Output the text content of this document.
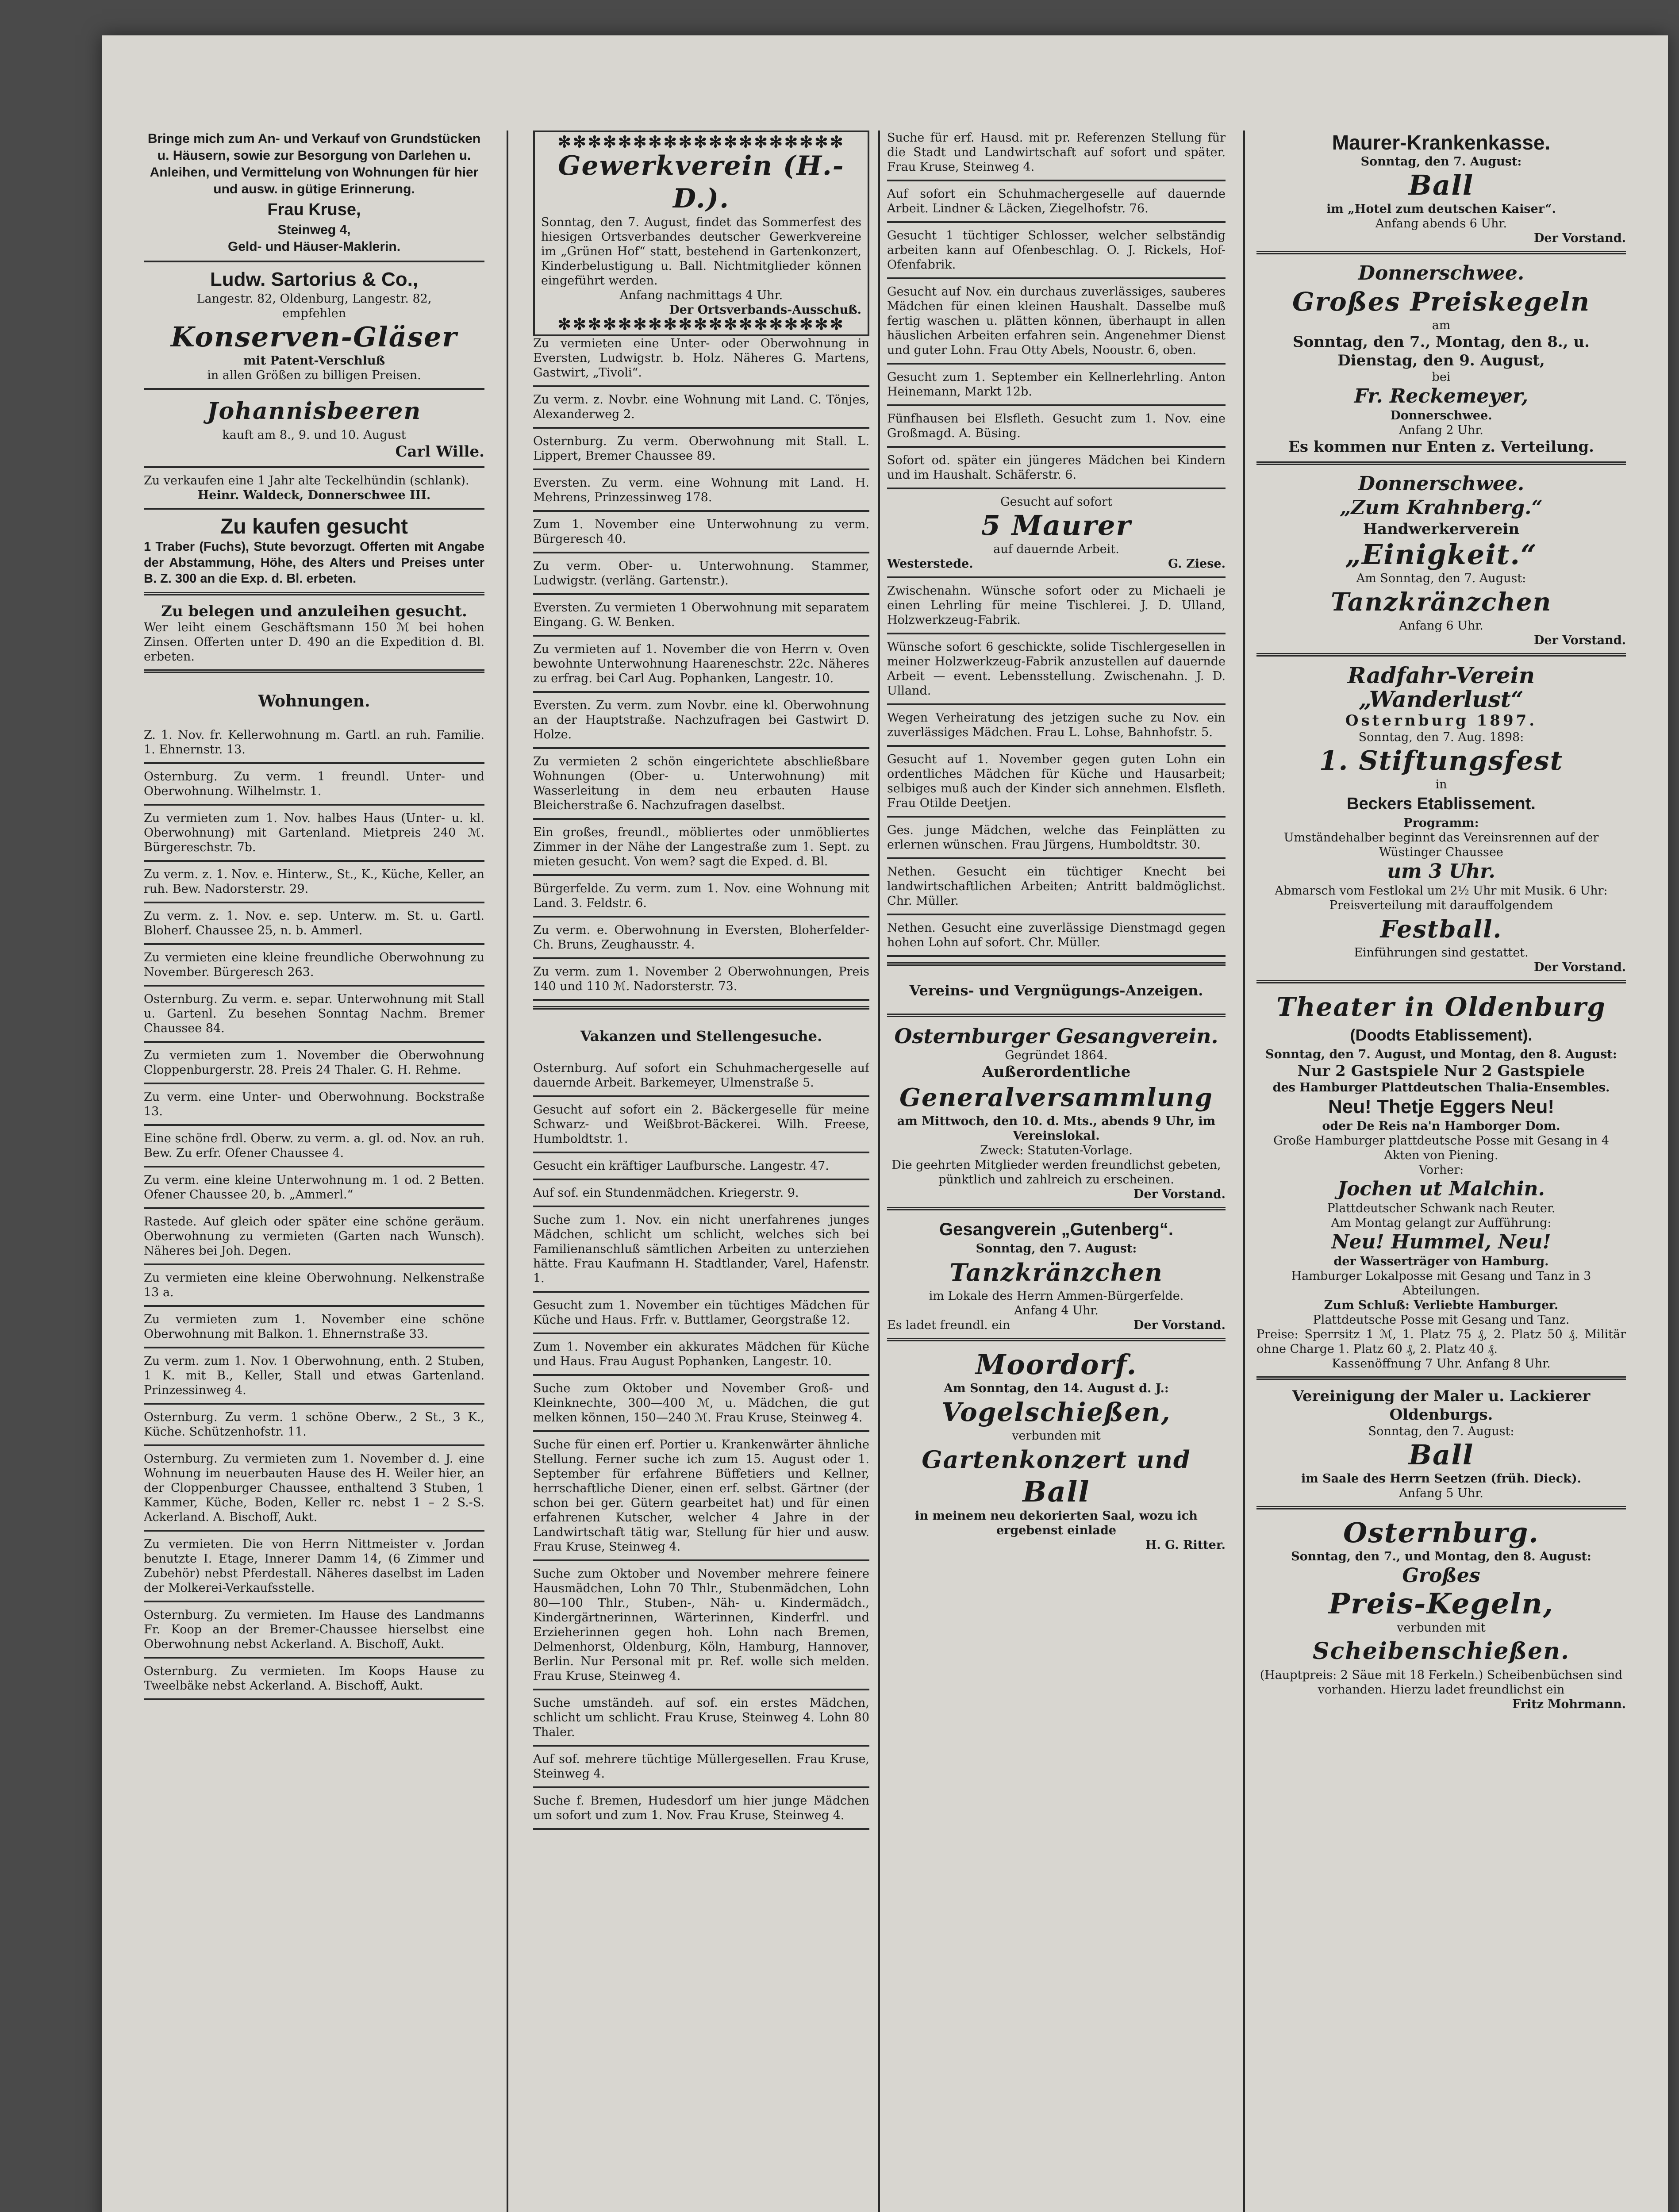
Bringe mich zum An- und Verkauf von Grundstücken u. Häusern, sowie zur Besorgung von Darlehen u. Anleihen, und Vermittelung von Wohnungen für hier und ausw. in gütige Erinnerung.

Frau Kruse,

Steinweg 4,

Geld- und Häuser-Maklerin.

Ludw. Sartorius & Co.,

Langestr. 82, Oldenburg, Langestr. 82,

empfehlen

Konserven-Gläser

mit Patent-Verschluß

in allen Größen zu billigen Preisen.

Johannisbeeren

kauft am 8., 9. und 10. August

Carl Wille.

Zu verkaufen eine 1 Jahr alte Teckelhündin (schlank).

Heinr. Waldeck, Donnerschwee III.

Zu kaufen gesucht

1 Traber (Fuchs), Stute bevorzugt. Offerten mit Angabe der Abstammung, Höhe, des Alters und Preises unter B. Z. 300 an die Exp. d. Bl. erbeten.

Zu belegen und anzuleihen gesucht.

Wer leiht einem Geschäftsmann 150 ℳ bei hohen Zinsen. Offerten unter D. 490 an die Expedition d. Bl. erbeten.

Wohnungen.

Z. 1. Nov. fr. Kellerwohnung m. Gartl. an ruh. Familie. 1. Ehnernstr. 13.

Osternburg. Zu verm. 1 freundl. Unter- und Oberwohnung. Wilhelmstr. 1.

Zu vermieten zum 1. Nov. halbes Haus (Unter- u. kl. Oberwohnung) mit Gartenland. Mietpreis 240 ℳ. Bürgereschstr. 7b.

Zu verm. z. 1. Nov. e. Hinterw., St., K., Küche, Keller, an ruh. Bew. Nadorsterstr. 29.

Zu verm. z. 1. Nov. e. sep. Unterw. m. St. u. Gartl. Bloherf. Chaussee 25, n. b. Ammerl.

Zu vermieten eine kleine freundliche Oberwohnung zu November. Bürgeresch 263.

Osternburg. Zu verm. e. separ. Unterwohnung mit Stall u. Gartenl. Zu besehen Sonntag Nachm. Bremer Chaussee 84.

Zu vermieten zum 1. November die Oberwohnung Cloppenburgerstr. 28. Preis 24 Thaler. G. H. Rehme.

Zu verm. eine Unter- und Oberwohnung. Bockstraße 13.

Eine schöne frdl. Oberw. zu verm. a. gl. od. Nov. an ruh. Bew. Zu erfr. Ofener Chaussee 4.

Zu verm. eine kleine Unterwohnung m. 1 od. 2 Betten. Ofener Chaussee 20, b. „Ammerl.“

Rastede. Auf gleich oder später eine schöne geräum. Oberwohnung zu vermieten (Garten nach Wunsch). Näheres bei Joh. Degen.

Zu vermieten eine kleine Oberwohnung. Nelkenstraße 13 a.

Zu vermieten zum 1. November eine schöne Oberwohnung mit Balkon. 1. Ehnernstraße 33.

Zu verm. zum 1. Nov. 1 Oberwohnung, enth. 2 Stuben, 1 K. mit B., Keller, Stall und etwas Gartenland. Prinzessinweg 4.

Osternburg. Zu verm. 1 schöne Oberw., 2 St., 3 K., Küche. Schützenhofstr. 11.

Osternburg. Zu vermieten zum 1. November d. J. eine Wohnung im neuerbauten Hause des H. Weiler hier, an der Cloppenburger Chaussee, enthaltend 3 Stuben, 1 Kammer, Küche, Boden, Keller rc. nebst 1 – 2 S.-S. Ackerland. A. Bischoff, Aukt.

Zu vermieten. Die von Herrn Nittmeister v. Jordan benutzte I. Etage, Innerer Damm 14, (6 Zimmer und Zubehör) nebst Pferdestall. Näheres daselbst im Laden der Molkerei-Verkaufsstelle.

Osternburg. Zu vermieten. Im Hause des Landmanns Fr. Koop an der Bremer-Chaussee hierselbst eine Oberwohnung nebst Ackerland. A. Bischoff, Aukt.

Osternburg. Zu vermieten. Im Koops Hause zu Tweelbäke nebst Ackerland. A. Bischoff, Aukt.

✻✻✻✻✻✻✻✻✻✻✻✻✻✻✻✻✻✻✻

Gewerkverein (H.-D.).

Sonntag, den 7. August, findet das Sommerfest des hiesigen Ortsverbandes deutscher Gewerkvereine im „Grünen Hof“ statt, bestehend in Gartenkonzert, Kinderbelustigung u. Ball. Nichtmitglieder können eingeführt werden.

Anfang nachmittags 4 Uhr.

Der Ortsverbands-Ausschuß.

✻✻✻✻✻✻✻✻✻✻✻✻✻✻✻✻✻✻✻

Zu vermieten eine Unter- oder Oberwohnung in Eversten, Ludwigstr. b. Holz. Näheres G. Martens, Gastwirt, „Tivoli“.

Zu verm. z. Novbr. eine Wohnung mit Land. C. Tönjes, Alexanderweg 2.

Osternburg. Zu verm. Oberwohnung mit Stall. L. Lippert, Bremer Chaussee 89.

Eversten. Zu verm. eine Wohnung mit Land. H. Mehrens, Prinzessinweg 178.

Zum 1. November eine Unterwohnung zu verm. Bürgeresch 40.

Zu verm. Ober- u. Unterwohnung. Stammer, Ludwigstr. (verläng. Gartenstr.).

Eversten. Zu vermieten 1 Oberwohnung mit separatem Eingang. G. W. Benken.

Zu vermieten auf 1. November die von Herrn v. Oven bewohnte Unterwohnung Haareneschstr. 22c. Näheres zu erfrag. bei Carl Aug. Pophanken, Langestr. 10.

Eversten. Zu verm. zum Novbr. eine kl. Oberwohnung an der Hauptstraße. Nachzufragen bei Gastwirt D. Holze.

Zu vermieten 2 schön eingerichtete abschließbare Wohnungen (Ober- u. Unterwohnung) mit Wasserleitung in dem neu erbauten Hause Bleicherstraße 6. Nachzufragen daselbst.

Ein großes, freundl., möbliertes oder unmöbliertes Zimmer in der Nähe der Langestraße zum 1. Sept. zu mieten gesucht. Von wem? sagt die Exped. d. Bl.

Bürgerfelde. Zu verm. zum 1. Nov. eine Wohnung mit Land. 3. Feldstr. 6.

Zu verm. e. Oberwohnung in Eversten, Bloherfelder-Ch. Bruns, Zeughausstr. 4.

Zu verm. zum 1. November 2 Oberwohnungen, Preis 140 und 110 ℳ. Nadorsterstr. 73.

Vakanzen und Stellengesuche.

Osternburg. Auf sofort ein Schuhmachergeselle auf dauernde Arbeit. Barkemeyer, Ulmenstraße 5.

Gesucht auf sofort ein 2. Bäckergeselle für meine Schwarz- und Weißbrot-Bäckerei. Wilh. Freese, Humboldtstr. 1.

Gesucht ein kräftiger Laufbursche. Langestr. 47.

Auf sof. ein Stundenmädchen. Kriegerstr. 9.

Suche zum 1. Nov. ein nicht unerfahrenes junges Mädchen, schlicht um schlicht, welches sich bei Familienanschluß sämtlichen Arbeiten zu unterziehen hätte. Frau Kaufmann H. Stadtlander, Varel, Hafenstr. 1.

Gesucht zum 1. November ein tüchtiges Mädchen für Küche und Haus. Frfr. v. Buttlamer, Georgstraße 12.

Zum 1. November ein akkurates Mädchen für Küche und Haus. Frau August Pophanken, Langestr. 10.

Suche zum Oktober und November Groß- und Kleinknechte, 300—400 ℳ, u. Mädchen, die gut melken können, 150—240 ℳ. Frau Kruse, Steinweg 4.

Suche für einen erf. Portier u. Krankenwärter ähnliche Stellung. Ferner suche ich zum 15. August oder 1. September für erfahrene Büffetiers und Kellner, herrschaftliche Diener, einen erf. selbst. Gärtner (der schon bei ger. Gütern gearbeitet hat) und für einen erfahrenen Kutscher, welcher 4 Jahre in der Landwirtschaft tätig war, Stellung für hier und ausw. Frau Kruse, Steinweg 4.

Suche zum Oktober und November mehrere feinere Hausmädchen, Lohn 70 Thlr., Stubenmädchen, Lohn 80—100 Thlr., Stuben-, Näh- u. Kindermädch., Kindergärtnerinnen, Wärterinnen, Kinderfrl. und Erzieherinnen gegen hoh. Lohn nach Bremen, Delmenhorst, Oldenburg, Köln, Hamburg, Hannover, Berlin. Nur Personal mit pr. Ref. wolle sich melden. Frau Kruse, Steinweg 4.

Suche umständeh. auf sof. ein erstes Mädchen, schlicht um schlicht. Frau Kruse, Steinweg 4. Lohn 80 Thaler.

Auf sof. mehrere tüchtige Müllergesellen. Frau Kruse, Steinweg 4.

Suche f. Bremen, Hudesdorf um hier junge Mädchen um sofort und zum 1. Nov. Frau Kruse, Steinweg 4.

Suche für erf. Hausd. mit pr. Referenzen Stellung für die Stadt und Landwirtschaft auf sofort und später. Frau Kruse, Steinweg 4.

Auf sofort ein Schuhmachergeselle auf dauernde Arbeit. Lindner & Läcken, Ziegelhofstr. 76.

Gesucht 1 tüchtiger Schlosser, welcher selbständig arbeiten kann auf Ofenbeschlag. O. J. Rickels, Hof-Ofenfabrik.

Gesucht auf Nov. ein durchaus zuverlässiges, sauberes Mädchen für einen kleinen Haushalt. Dasselbe muß fertig waschen u. plätten können, überhaupt in allen häuslichen Arbeiten erfahren sein. Angenehmer Dienst und guter Lohn. Frau Otty Abels, Nooustr. 6, oben.

Gesucht zum 1. September ein Kellnerlehrling. Anton Heinemann, Markt 12b.

Fünfhausen bei Elsfleth. Gesucht zum 1. Nov. eine Großmagd. A. Büsing.

Sofort od. später ein jüngeres Mädchen bei Kindern und im Haushalt. Schäferstr. 6.

Gesucht auf sofort

5 Maurer

auf dauernde Arbeit.

Westerstede.	G. Ziese.

Zwischenahn. Wünsche sofort oder zu Michaeli je einen Lehrling für meine Tischlerei. J. D. Ulland, Holzwerkzeug-Fabrik.

Wünsche sofort 6 geschickte, solide Tischlergesellen in meiner Holzwerkzeug-Fabrik anzustellen auf dauernde Arbeit — event. Lebensstellung. Zwischenahn. J. D. Ulland.

Wegen Verheiratung des jetzigen suche zu Nov. ein zuverlässiges Mädchen. Frau L. Lohse, Bahnhofstr. 5.

Gesucht auf 1. November gegen guten Lohn ein ordentliches Mädchen für Küche und Hausarbeit; selbiges muß auch der Kinder sich annehmen. Elsfleth. Frau Otilde Deetjen.

Ges. junge Mädchen, welche das Feinplätten zu erlernen wünschen. Frau Jürgens, Humboldtstr. 30.

Nethen. Gesucht ein tüchtiger Knecht bei landwirtschaftlichen Arbeiten; Antritt baldmöglichst. Chr. Müller.

Nethen. Gesucht eine zuverlässige Dienstmagd gegen hohen Lohn auf sofort. Chr. Müller.

Vereins- und Vergnügungs-Anzeigen.

Osternburger Gesangverein.

Gegründet 1864.

Außerordentliche

Generalversammlung

am Mittwoch, den 10. d. Mts., abends 9 Uhr, im Vereinslokal.

Zweck: Statuten-Vorlage.

Die geehrten Mitglieder werden freundlichst gebeten, pünktlich und zahlreich zu erscheinen.

Der Vorstand.

Gesangverein „Gutenberg“.

Sonntag, den 7. August:

Tanzkränzchen

im Lokale des Herrn Ammen-Bürgerfelde.

Anfang 4 Uhr.

Es ladet freundl. ein	Der Vorstand.

Moordorf.

Am Sonntag, den 14. August d. J.:

Vogelschießen,

verbunden mit

Gartenkonzert und

Ball

in meinem neu dekorierten Saal, wozu ich ergebenst einlade

H. G. Ritter.

Maurer-Krankenkasse.

Sonntag, den 7. August:

Ball

im „Hotel zum deutschen Kaiser“.

Anfang abends 6 Uhr.

Der Vorstand.

Donnerschwee.

Großes Preiskegeln

am

Sonntag, den 7., Montag, den 8., u. Dienstag, den 9. August,

bei

Fr. Reckemeyer,

Donnerschwee.

Anfang 2 Uhr.

Es kommen nur Enten z. Verteilung.

Donnerschwee.

„Zum Krahnberg.“

Handwerkerverein

„Einigkeit.“

Am Sonntag, den 7. August:

Tanzkränzchen

Anfang 6 Uhr.

Der Vorstand.

Radfahr-Verein

„Wanderlust“

Osternburg 1897.

Sonntag, den 7. Aug. 1898:

1. Stiftungsfest

in

Beckers Etablissement.

Programm:

Umständehalber beginnt das Vereinsrennen auf der Wüstinger Chaussee

um 3 Uhr.

Abmarsch vom Festlokal um 2½ Uhr mit Musik. 6 Uhr: Preisverteilung mit darauffolgendem

Festball.

Einführungen sind gestattet.

Der Vorstand.

Theater in Oldenburg

(Doodts Etablissement).

Sonntag, den 7. August, und Montag, den 8. August:

Nur 2 Gastspiele Nur 2 Gastspiele

des Hamburger Plattdeutschen Thalia-Ensembles.

Neu! Thetje Eggers Neu!

oder De Reis na'n Hamborger Dom.

Große Hamburger plattdeutsche Posse mit Gesang in 4 Akten von Piening.

Vorher:

Jochen ut Malchin.

Plattdeutscher Schwank nach Reuter.

Am Montag gelangt zur Aufführung:

Neu! Hummel, Neu!

der Wasserträger von Hamburg.

Hamburger Lokalposse mit Gesang und Tanz in 3 Abteilungen.

Zum Schluß: Verliebte Hamburger.

Plattdeutsche Posse mit Gesang und Tanz.

Preise: Sperrsitz 1 ℳ, 1. Platz 75 ₰, 2. Platz 50 ₰. Militär ohne Charge 1. Platz 60 ₰, 2. Platz 40 ₰.

Kassenöffnung 7 Uhr. Anfang 8 Uhr.

Vereinigung der Maler u. Lackierer Oldenburgs.

Sonntag, den 7. August:

Ball

im Saale des Herrn Seetzen (früh. Dieck).

Anfang 5 Uhr.

Osternburg.

Sonntag, den 7., und Montag, den 8. August:

Großes

Preis-Kegeln,

verbunden mit

Scheibenschießen.

(Hauptpreis: 2 Säue mit 18 Ferkeln.) Scheibenbüchsen sind vorhanden. Hierzu ladet freundlichst ein

Fritz Mohrmann.
